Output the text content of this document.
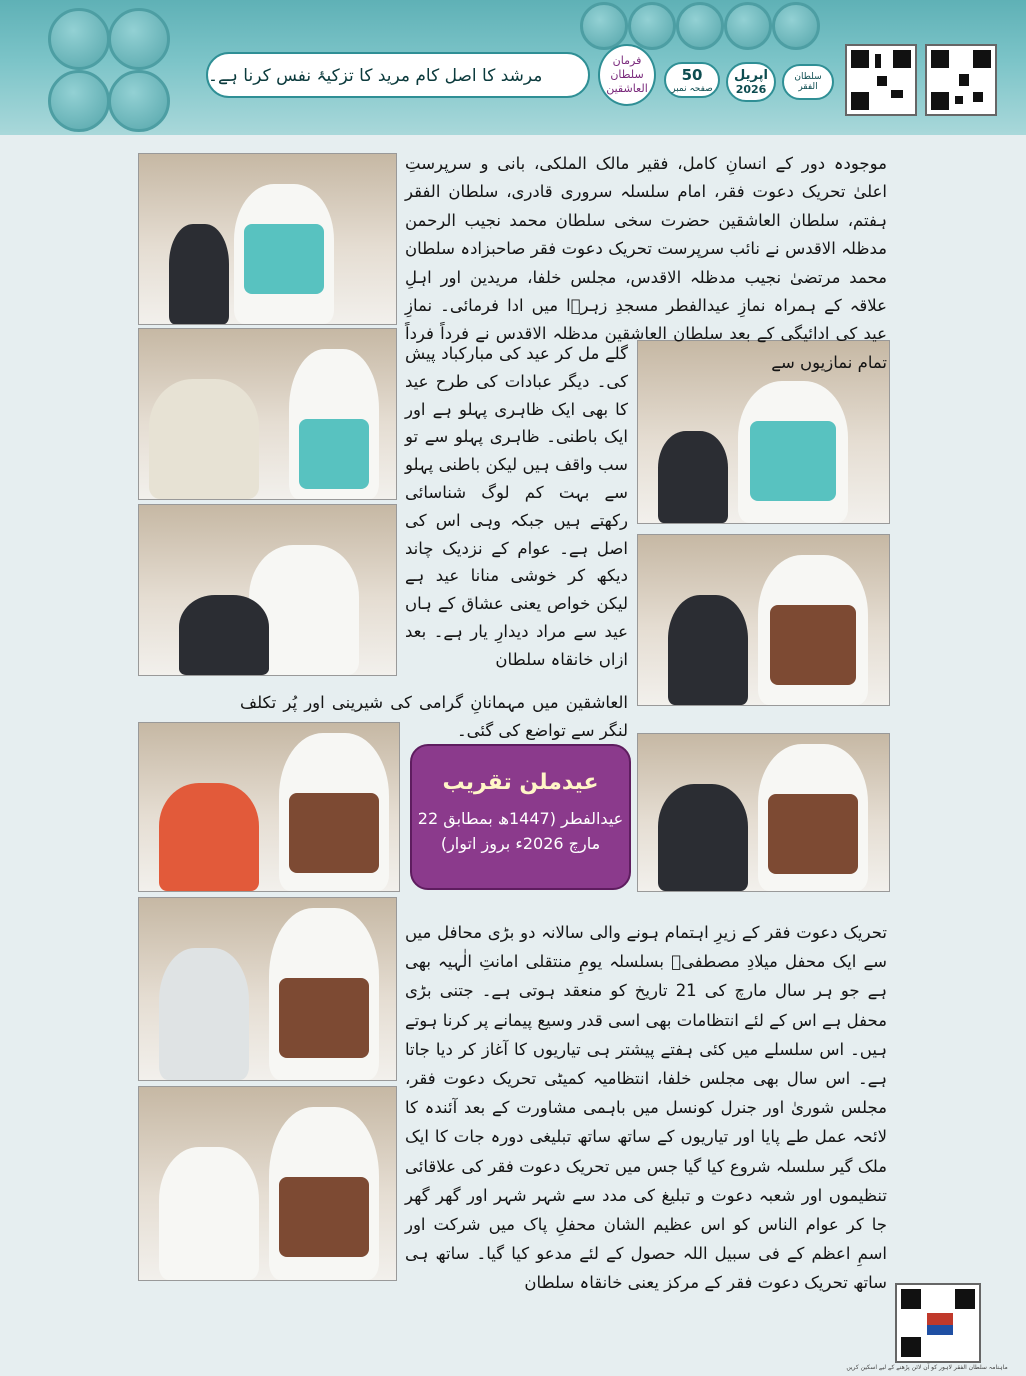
مرشد کا اصل کام مرید کا تزکیۂ نفس کرنا ہے۔
فرمان سلطان العاشقین
50
صفحہ نمبر
اپریل
2026
سلطان الفقر

موجودہ دور کے انسانِ کامل، فقیر مالک الملکی، بانی و سرپرستِ اعلیٰ تحریک دعوت فقر، امام سلسلہ سروری قادری، سلطان الفقر ہفتم، سلطان العاشقین حضرت سخی سلطان محمد نجیب الرحمن مدظلہ الاقدس نے نائب سرپرست تحریک دعوت فقر صاحبزادہ سلطان محمد مرتضیٰ نجیب مدظلہ الاقدس، مجلس خلفا، مریدین اور اہلِ علاقہ کے ہمراہ نمازِ عیدالفطر مسجدِ زہرؓا میں ادا فرمائی۔ نمازِ عید کی ادائیگی کے بعد سلطان العاشقین مدظلہ الاقدس نے فرداً فرداً تمام نمازیوں سے

گلے مل کر عید کی مبارکباد پیش کی۔ دیگر عبادات کی طرح عید کا بھی ایک ظاہری پہلو ہے اور ایک باطنی۔ ظاہری پہلو سے تو سب واقف ہیں لیکن باطنی پہلو سے بہت کم لوگ شناسائی رکھتے ہیں جبکہ وہی اس کی اصل ہے۔ عوام کے نزدیک چاند دیکھ کر خوشی منانا عید ہے لیکن خواص یعنی عشاق کے ہاں عید سے مراد دیدارِ یار ہے۔ بعد ازاں خانقاہ سلطان

العاشقین میں مہمانانِ گرامی کی شیرینی اور پُر تکلف لنگر سے تواضع کی گئی۔

عیدملن تقریب
عیدالفطر (1447ھ بمطابق 22
مارچ 2026ء بروز اتوار)

تحریک دعوت فقر کے زیرِ اہتمام ہونے والی سالانہ دو بڑی محافل میں سے ایک محفل میلادِ مصطفیؐ بسلسلہ یومِ منتقلی امانتِ الٰہیہ بھی ہے جو ہر سال مارچ کی 21 تاریخ کو منعقد ہوتی ہے۔ جتنی بڑی محفل ہے اس کے لئے انتظامات بھی اسی قدر وسیع پیمانے پر کرنا ہوتے ہیں۔ اس سلسلے میں کئی ہفتے پیشتر ہی تیاریوں کا آغاز کر دیا جاتا ہے۔ اس سال بھی مجلس خلفا، انتظامیہ کمیٹی تحریک دعوت فقر، مجلس شوریٰ اور جنرل کونسل میں باہمی مشاورت کے بعد آئندہ کا لائحہ عمل طے پایا اور تیاریوں کے ساتھ ساتھ تبلیغی دورہ جات کا ایک ملک گیر سلسلہ شروع کیا گیا جس میں تحریک دعوت فقر کی علاقائی تنظیموں اور شعبہ دعوت و تبلیغ کی مدد سے شہر شہر اور گھر گھر جا کر عوام الناس کو اس عظیم الشان محفلِ پاک میں شرکت اور اسمِ اعظم کے فی سبیل اللہ حصول کے لئے مدعو کیا گیا۔ ساتھ ہی ساتھ تحریک دعوت فقر کے مرکز یعنی خانقاہ سلطان

ماہنامہ سلطان الفقر لاہور کو آن لائن پڑھنے کے لیے اسکین کریں
